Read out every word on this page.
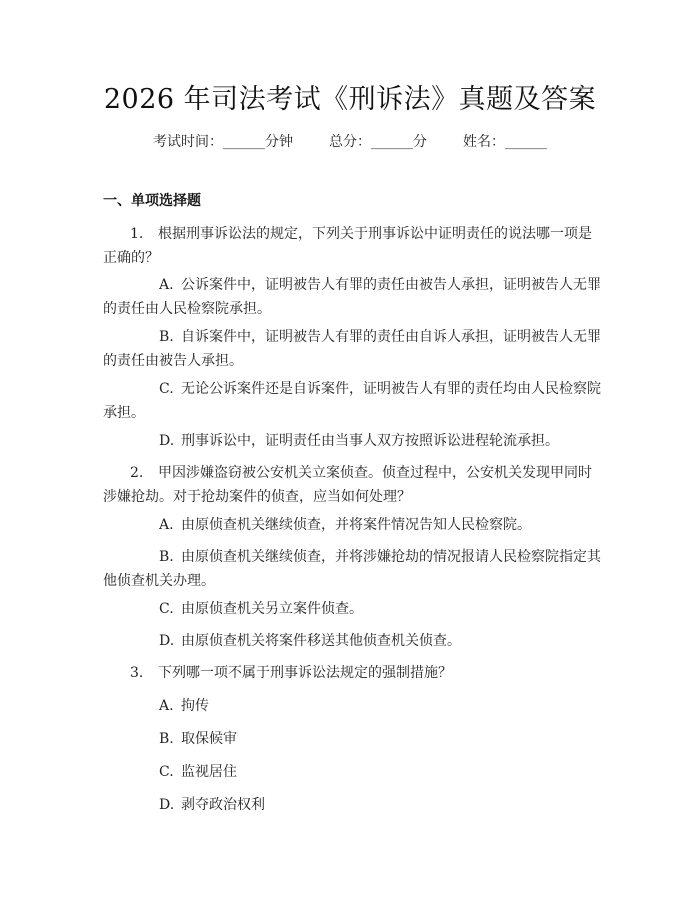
2026 年司法考试《刑诉法》真题及答案
考试时间：______分钟	总分：______分	姓名：______
一、单项选择题
1. 根据刑事诉讼法的规定，下列关于刑事诉讼中证明责任的说法哪一项是正确的？
A. 公诉案件中，证明被告人有罪的责任由被告人承担，证明被告人无罪的责任由人民检察院承担。
B. 自诉案件中，证明被告人有罪的责任由自诉人承担，证明被告人无罪的责任由被告人承担。
C. 无论公诉案件还是自诉案件，证明被告人有罪的责任均由人民检察院承担。
D. 刑事诉讼中，证明责任由当事人双方按照诉讼进程轮流承担。
2. 甲因涉嫌盗窃被公安机关立案侦查。侦查过程中，公安机关发现甲同时涉嫌抢劫。对于抢劫案件的侦查，应当如何处理？
A. 由原侦查机关继续侦查，并将案件情况告知人民检察院。
B. 由原侦查机关继续侦查，并将涉嫌抢劫的情况报请人民检察院指定其他侦查机关办理。
C. 由原侦查机关另立案件侦查。
D. 由原侦查机关将案件移送其他侦查机关侦查。
3. 下列哪一项不属于刑事诉讼法规定的强制措施？
A. 拘传
B. 取保候审
C. 监视居住
D. 剥夺政治权利
